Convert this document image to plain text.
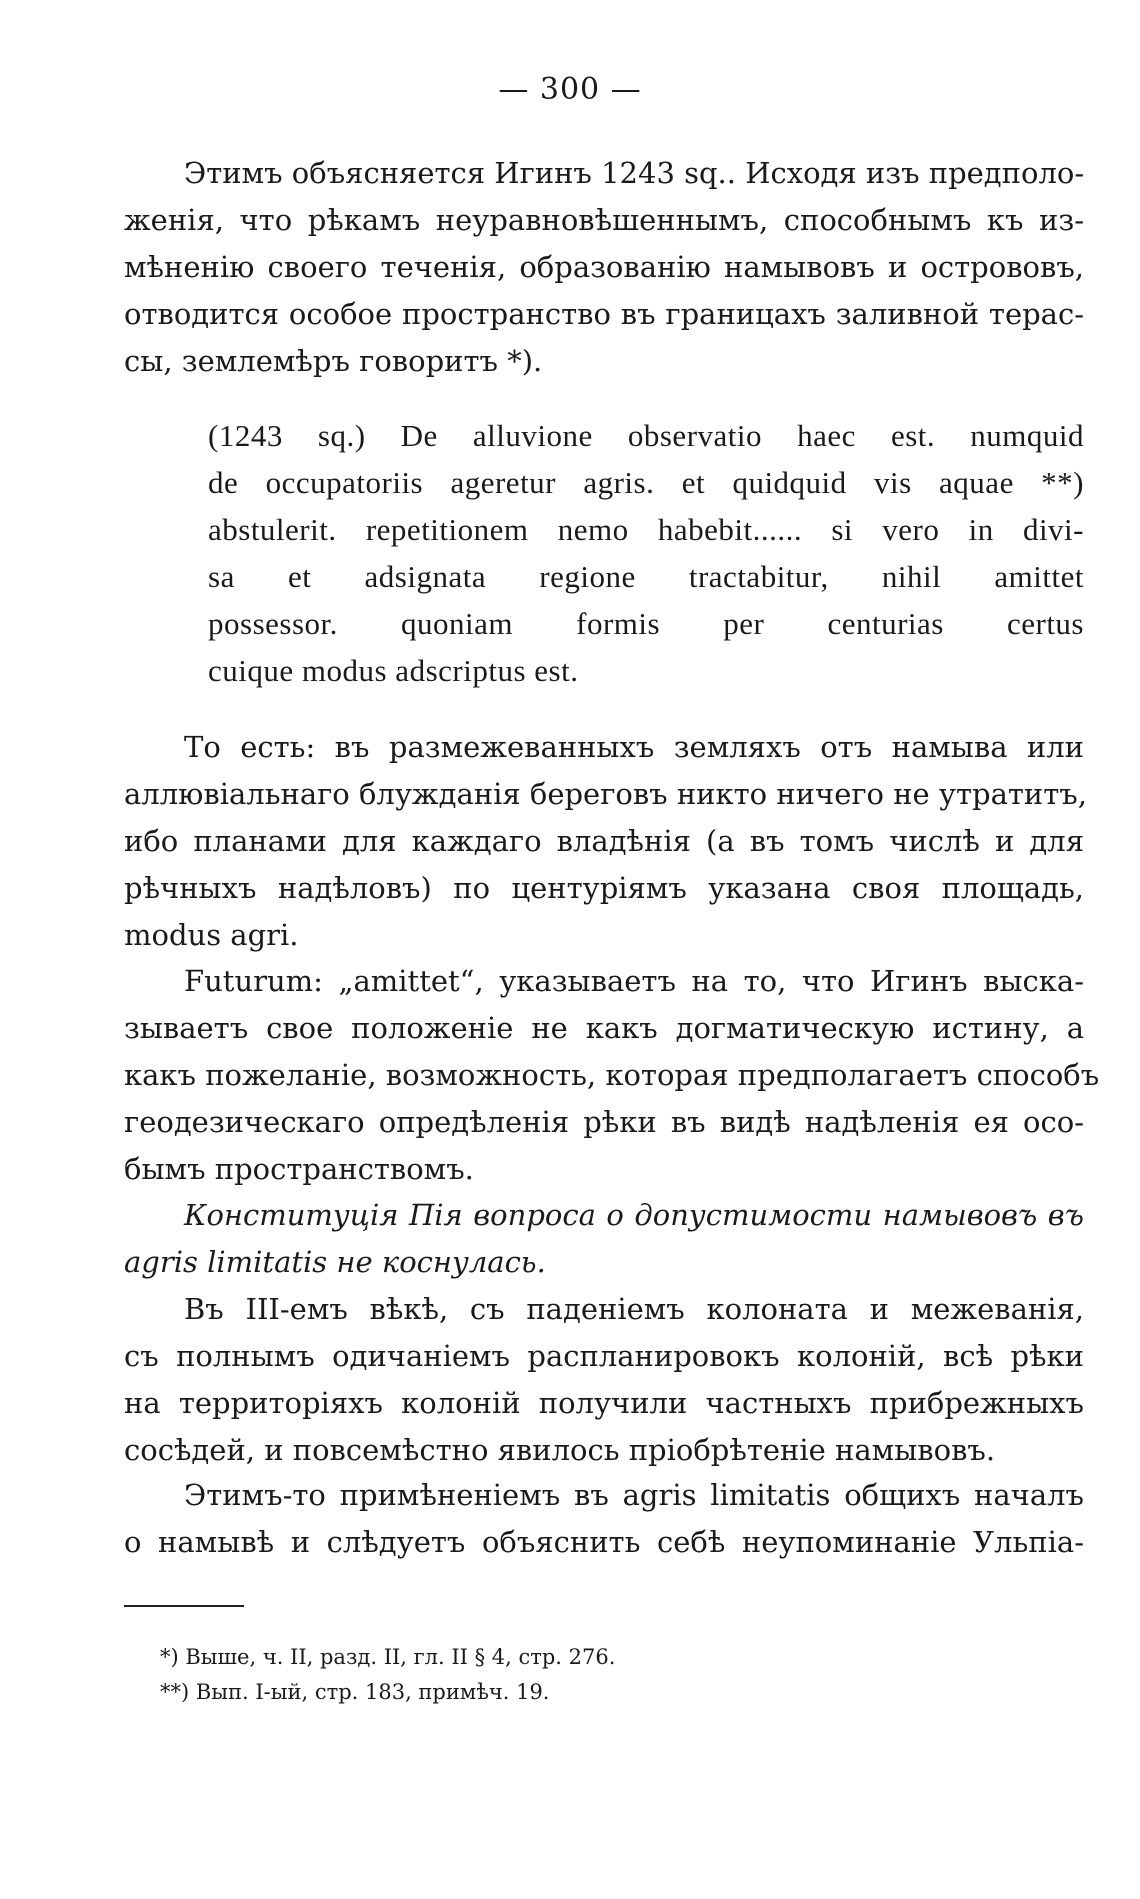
— 300 —
Этимъ объясняется Игинъ 1243 sq.. Исходя изъ предполо-
женія, что рѣкамъ неуравновѣшеннымъ, способнымъ къ из-
мѣненію своего теченія, образованію намывовъ и острововъ,
отводится особое пространство въ границахъ заливной терас-
сы, землемѣръ говоритъ *).
(1243 sq.) De alluvione observatio haec est. numquid
de occupatoriis ageretur agris. et quidquid vis aquae **)
abstulerit. repetitionem nemo habebit...... si vero in divi-
sa et adsignata regione tractabitur, nihil amittet
possessor. quoniam formis per centurias certus
cuique modus adscriptus est.
То есть: въ размежеванныхъ земляхъ отъ намыва или
аллювіальнаго блужданія береговъ никто ничего не утратитъ,
ибо планами для каждаго владѣнія (а въ томъ числѣ и для
рѣчныхъ надѣловъ) по центуріямъ указана своя площадь,
modus agri.
Futurum: „amittet“, указываетъ на то, что Игинъ выска-
зываетъ свое положеніе не какъ догматическую истину, а
какъ пожеланіе, возможность, которая предполагаетъ способъ
геодезическаго опредѣленія рѣки въ видѣ надѣленія ея осо-
бымъ пространствомъ.
Конституція Пія вопроса о допустимости намывовъ въ
agris limitatis не коснулась.
Въ III-емъ вѣкѣ, съ паденіемъ колоната и межеванія,
съ полнымъ одичаніемъ распланировокъ колоній, всѣ рѣки
на территоріяхъ колоній получили частныхъ прибрежныхъ
сосѣдей, и повсемѣстно явилось пріобрѣтеніе намывовъ.
Этимъ-то примѣненіемъ въ agris limitatis общихъ началъ
о намывѣ и слѣдуетъ объяснить себѣ неупоминаніе Ульпіа-
*) Выше, ч. II, разд. II, гл. II § 4, стр. 276.
**) Вып. I-ый, стр. 183, примѣч. 19.
